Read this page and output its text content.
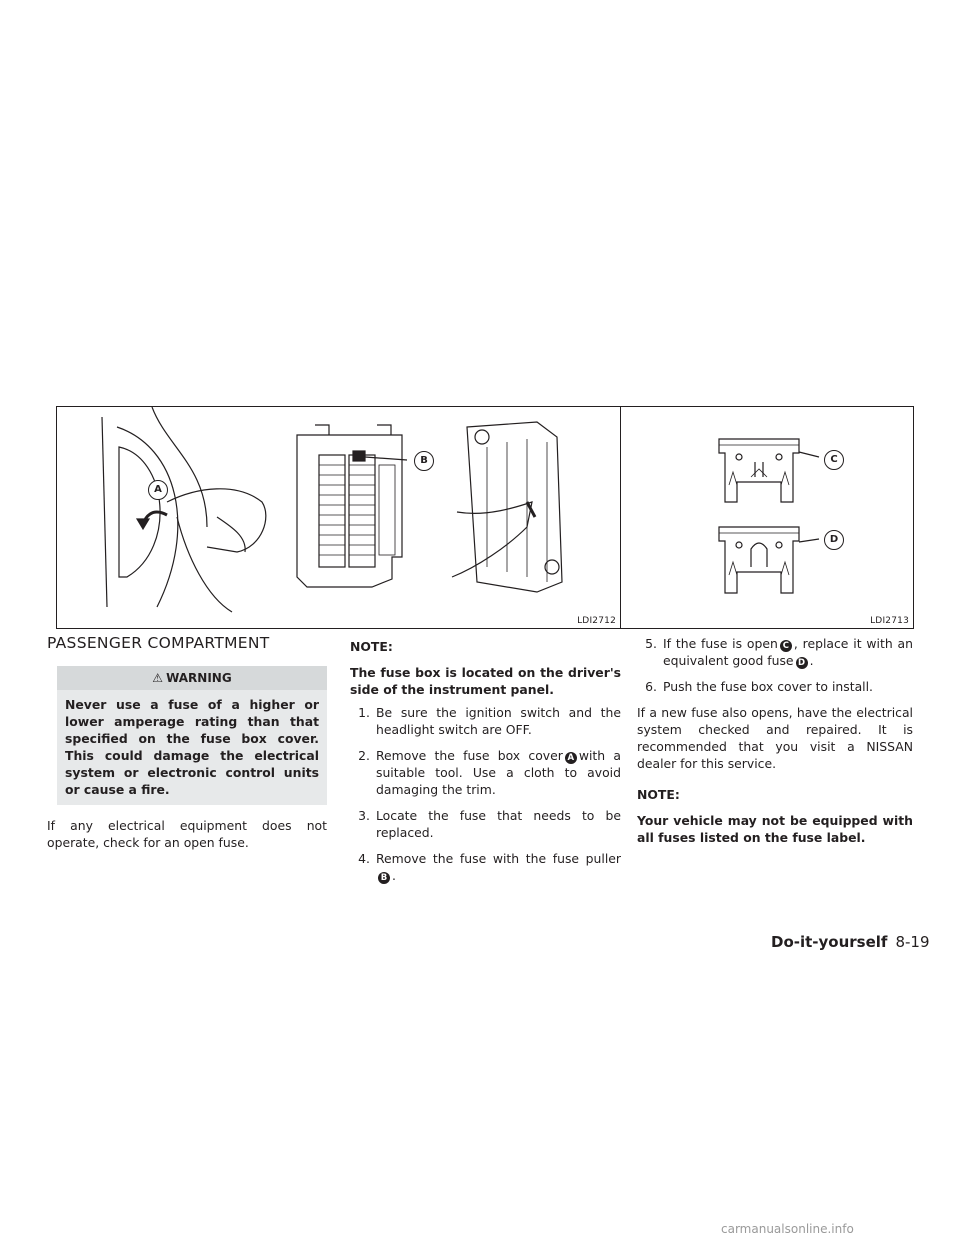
A
B
LDI2712
C
D
LDI2713
PASSENGER COMPARTMENT
⚠ WARNING
Never use a fuse of a higher or lower amperage rating than that specified on the fuse box cover. This could damage the electrical system or electronic control units or cause a fire.

If any electrical equipment does not operate, check for an open fuse.

NOTE:

The fuse box is located on the driver's side of the instrument panel.

1. Be sure the ignition switch and the headlight switch are OFF.
2. Remove the fuse box cover A with a suitable tool. Use a cloth to avoid damaging the trim.
3. Locate the fuse that needs to be replaced.
4. Remove the fuse with the fuse puller B .
5. If the fuse is open C , replace it with an equivalent good fuse D .
6. Push the fuse box cover to install.

If a new fuse also opens, have the electrical system checked and repaired. It is recommended that you visit a NISSAN dealer for this service.

NOTE:

Your vehicle may not be equipped with all fuses listed on the fuse label.

Do-it-yourself 8-19
carmanualsonline.info
